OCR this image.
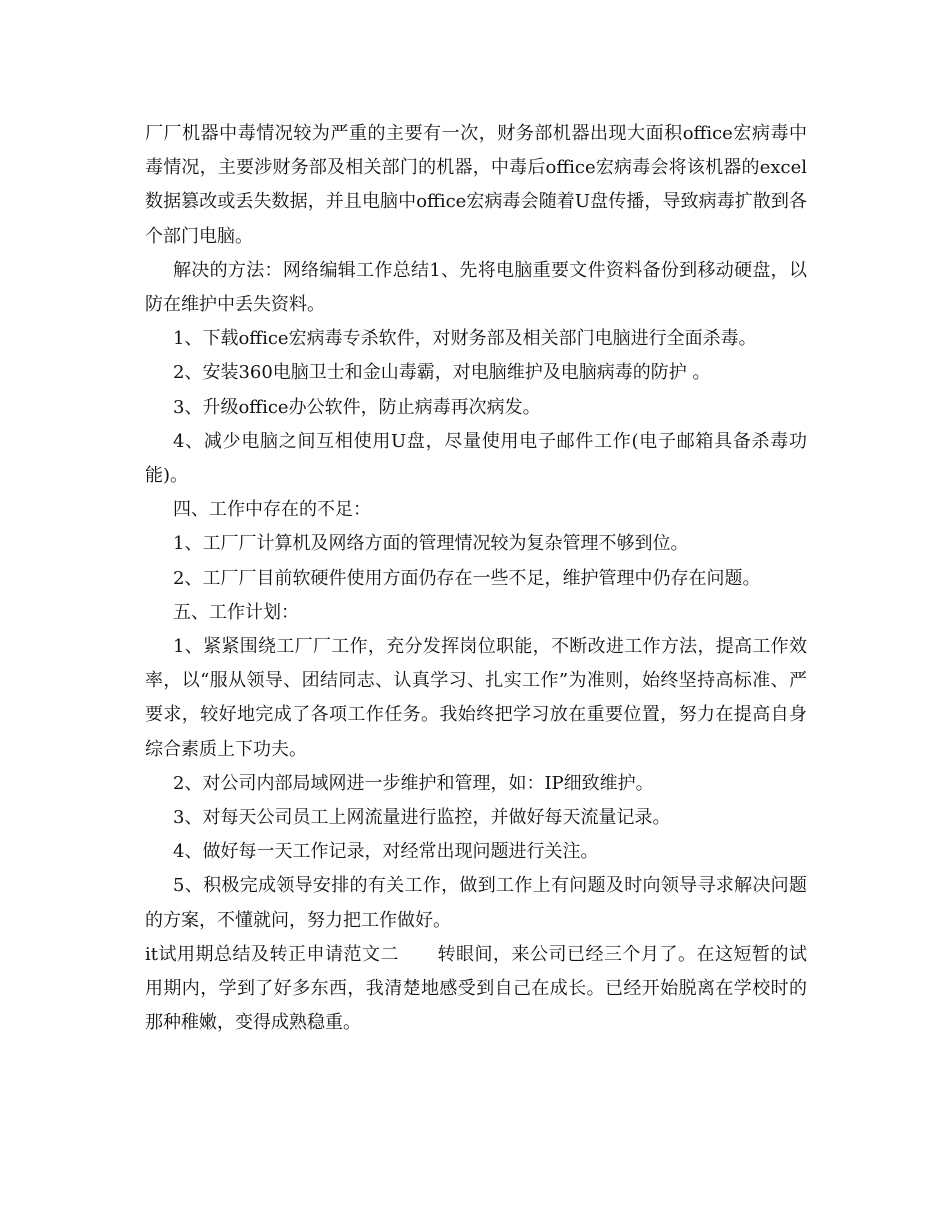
厂厂机器中毒情况较为严重的主要有一次，财务部机器出现大面积office宏病毒中毒情况，主要涉财务部及相关部门的机器，中毒后office宏病毒会将该机器的excel数据篡改或丢失数据，并且电脑中office宏病毒会随着U盘传播，导致病毒扩散到各个部门电脑。

解决的方法：网络编辑工作总结1、先将电脑重要文件资料备份到移动硬盘，以防在维护中丢失资料。

1、下载office宏病毒专杀软件，对财务部及相关部门电脑进行全面杀毒。

2、安装360电脑卫士和金山毒霸，对电脑维护及电脑病毒的防护 。

3、升级office办公软件，防止病毒再次病发。

4、减少电脑之间互相使用U盘，尽量使用电子邮件工作(电子邮箱具备杀毒功能)。

四、工作中存在的不足：

1、工厂厂计算机及网络方面的管理情况较为复杂管理不够到位。

2、工厂厂目前软硬件使用方面仍存在一些不足，维护管理中仍存在问题。

五、工作计划：

1、紧紧围绕工厂厂工作，充分发挥岗位职能，不断改进工作方法，提高工作效率，以“服从领导、团结同志、认真学习、扎实工作”为准则，始终坚持高标准、严要求，较好地完成了各项工作任务。我始终把学习放在重要位置，努力在提高自身综合素质上下功夫。

2、对公司内部局域网进一步维护和管理，如：IP细致维护。

3、对每天公司员工上网流量进行监控，并做好每天流量记录。

4、做好每一天工作记录，对经常出现问题进行关注。

5、积极完成领导安排的有关工作，做到工作上有问题及时向领导寻求解决问题的方案，不懂就问，努力把工作做好。

it试用期总结及转正申请范文二 转眼间，来公司已经三个月了。在这短暂的试用期内，学到了好多东西，我清楚地感受到自己在成长。已经开始脱离在学校时的那种稚嫩，变得成熟稳重。
